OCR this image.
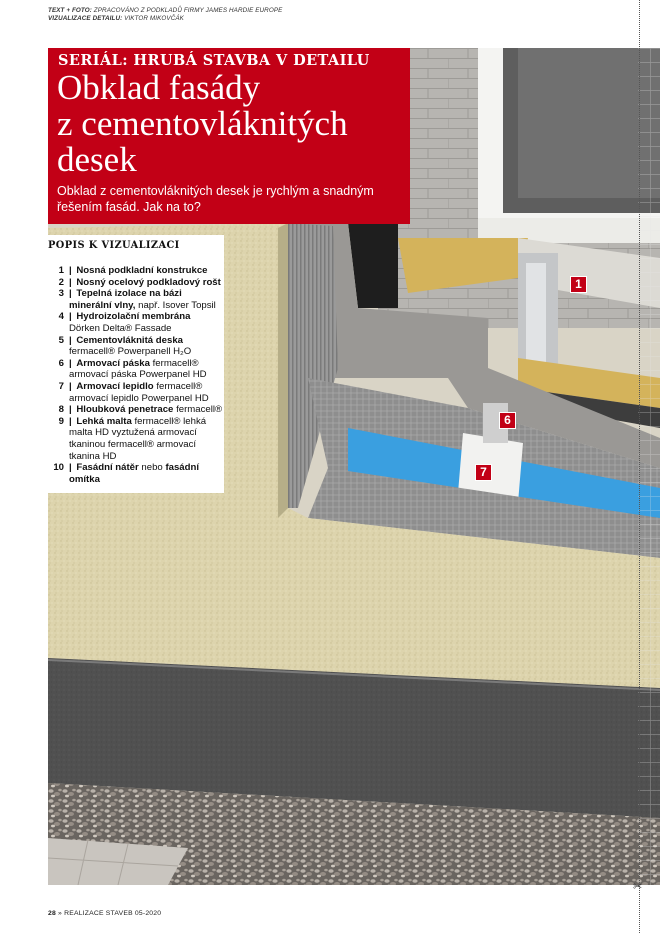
TEXT + FOTO: ZPRACOVÁNO Z PODKLADŮ FIRMY JAMES HARDIE EUROPE
VIZUALIZACE DETAILU: VIKTOR MIKOVČÁK
1
6
7
SERIÁL: HRUBÁ STAVBA V DETAILU
Obklad fasády
z cementovláknitých
desek
Obklad z cementovláknitých desek je rychlým a snadným řešením fasád. Jak na to?
POPIS K VIZUALIZACI
1 | Nosná podkladní konstrukce
2 | Nosný ocelový podkladový rošt
3 | Tepelná izolace na bázi minerální vlny, např. Isover Topsil
4 | Hydroizolační membrána Dörken Delta® Fassade
5 | Cementovláknitá deska fermacell® Powerpanell H₂O
6 | Armovací páska fermacell® armovací páska Powerpanel HD
7 | Armovací lepidlo fermacell® armovací lepidlo Powerpanel HD
8 | Hloubková penetrace fermacell®
9 | Lehká malta fermacell® lehká malta HD vyztužená armovací tkaninou fermacell® armovací tkanina HD
10 | Fasádní nátěr nebo fasádní omítka
28 » REALIZACE STAVEB 05-2020
✂
